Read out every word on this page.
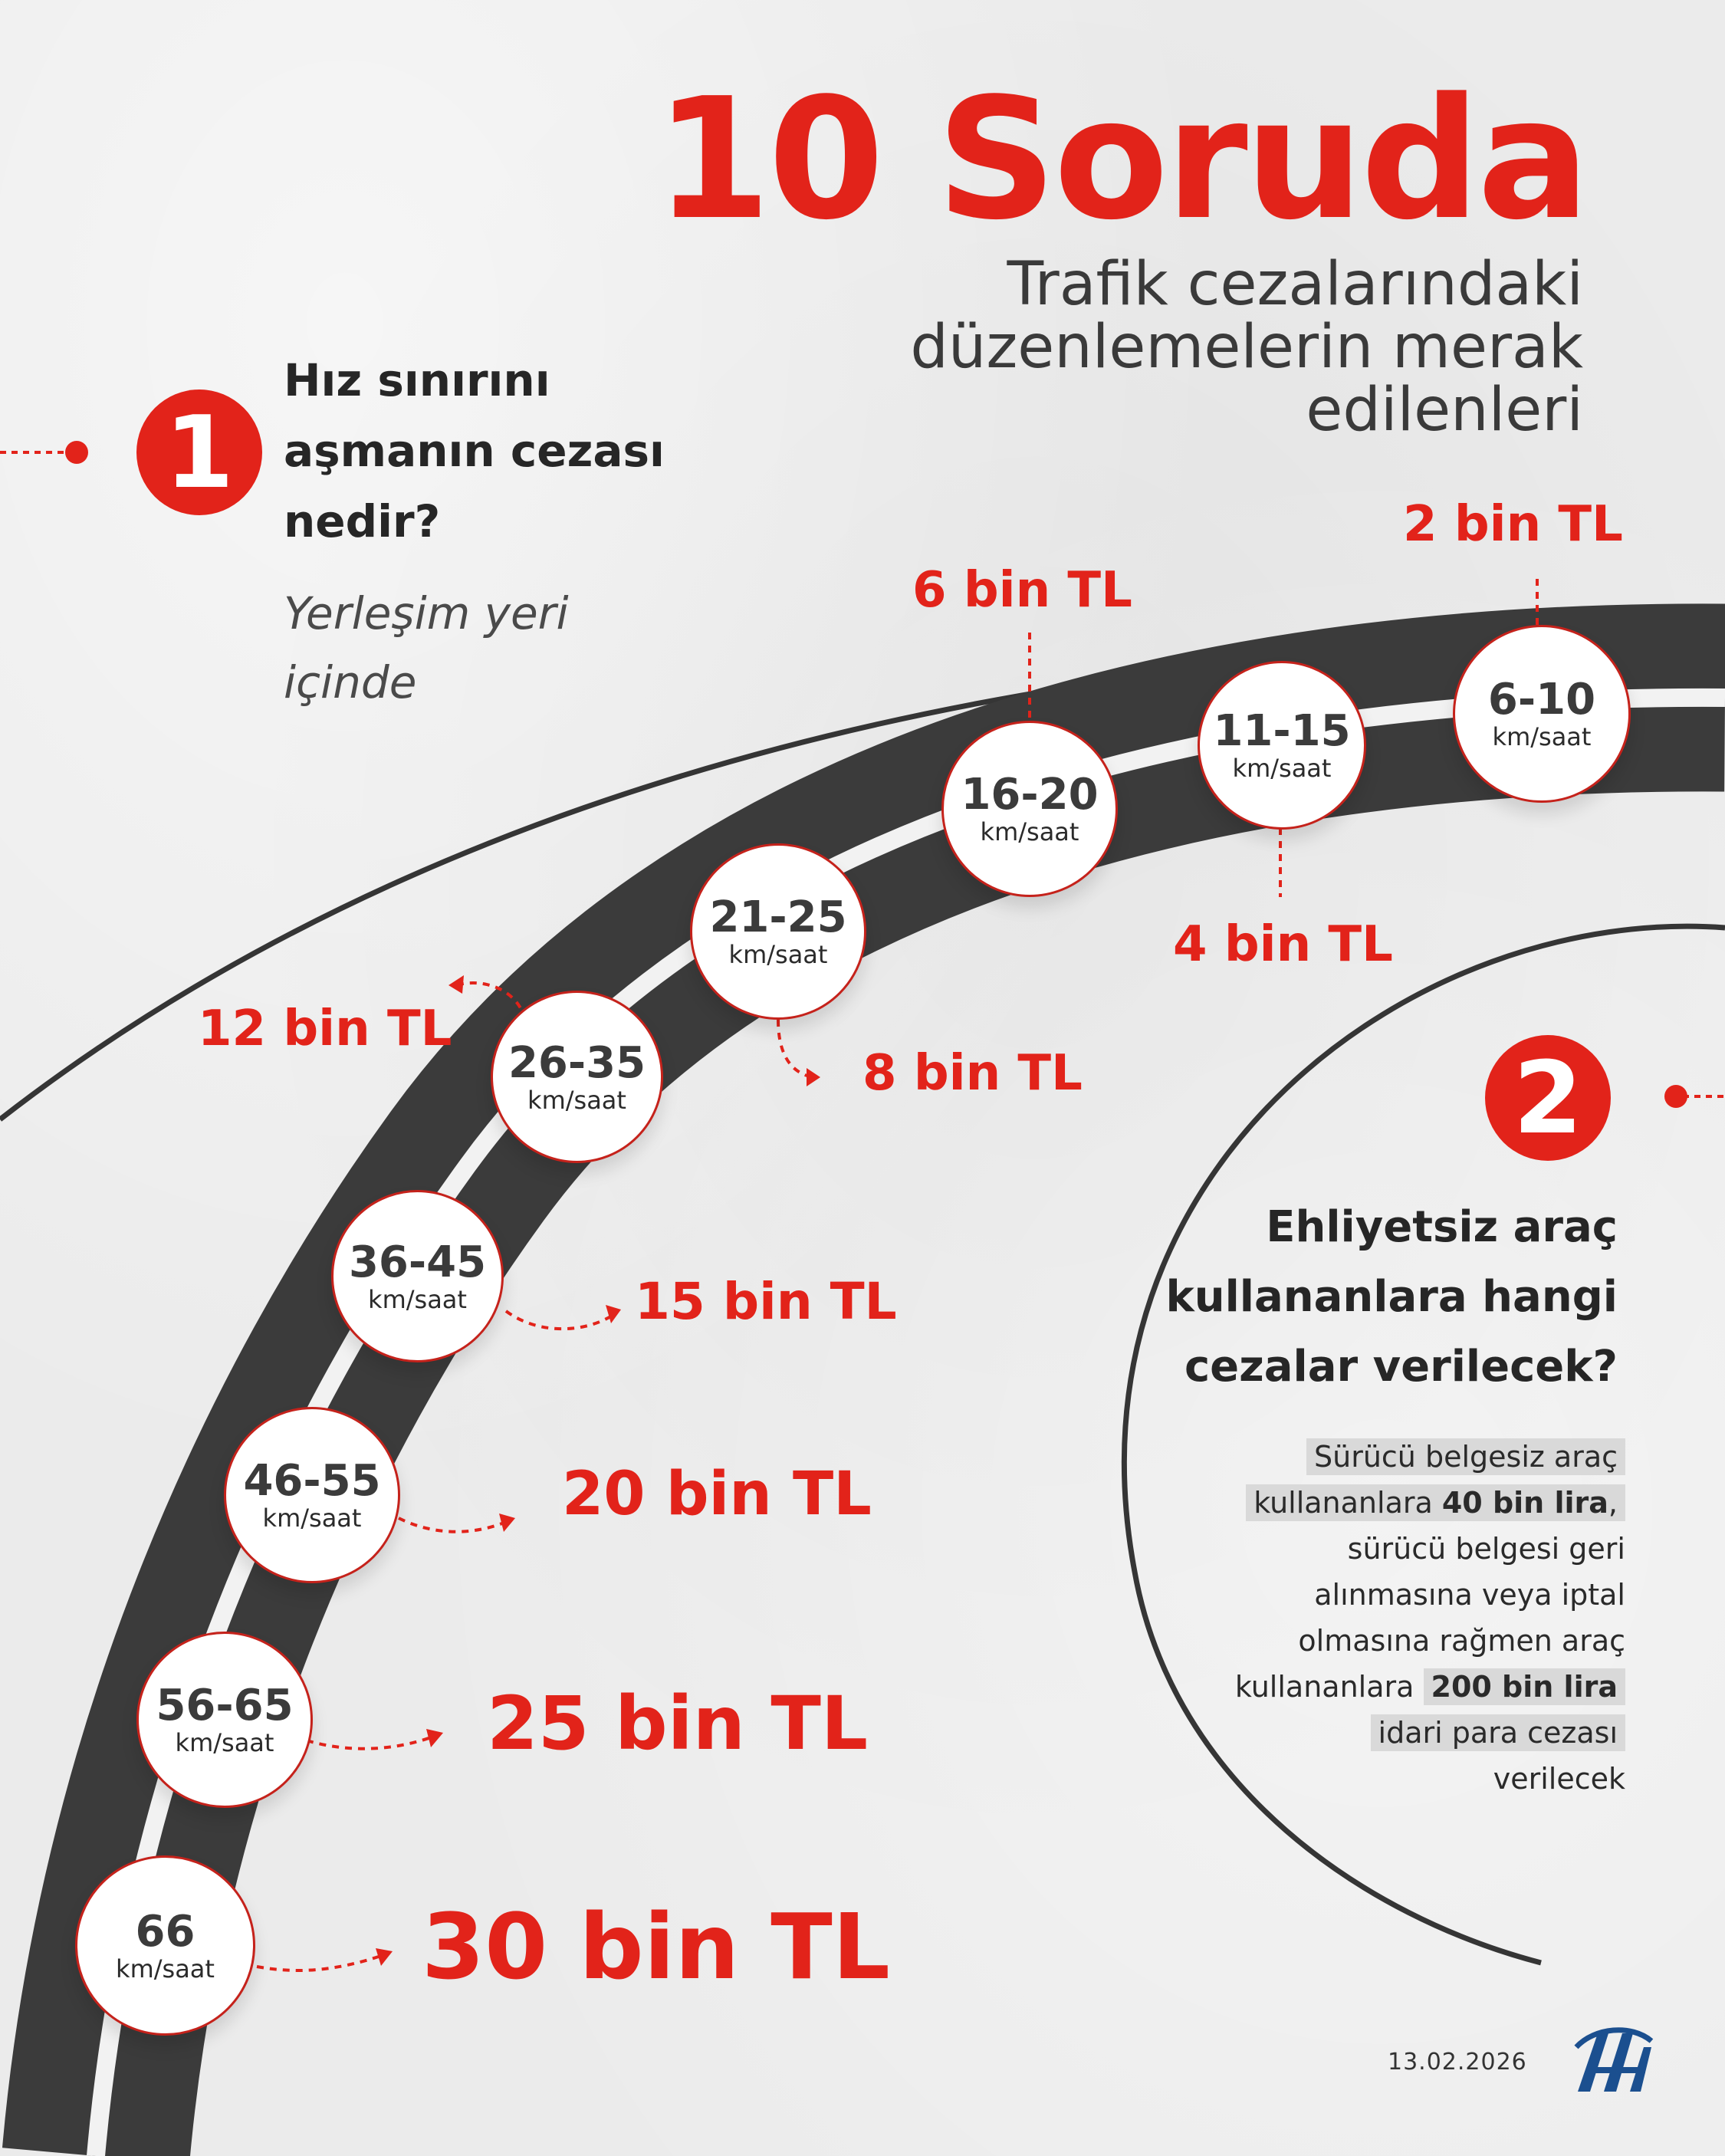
10 Soruda
Trafik cezalarındaki
düzenlemelerin merak
edilenleri
1
Hız sınırını
aşmanın cezası
nedir?
Yerleşim yeri
içinde	6-10
km/saat
11-15
km/saat
16-20
km/saat
21-25
km/saat
26-35
km/saat
36-45
km/saat
46-55
km/saat
56-65
km/saat
66
km/saat
2 bin TL
4 bin TL
6 bin TL
8 bin TL
12 bin TL
15 bin TL
20 bin TL
25 bin TL
30 bin TL
2
Ehliyetsiz araç
kullananlara hangi
cezalar verilecek?
Sürücü belgesiz araç
kullananlara 40 bin lira,
sürücü belgesi geri
alınmasına veya iptal
olmasına rağmen araç
kullananlara 200 bin lira
idari para cezası
verilecek
13.02.2026
